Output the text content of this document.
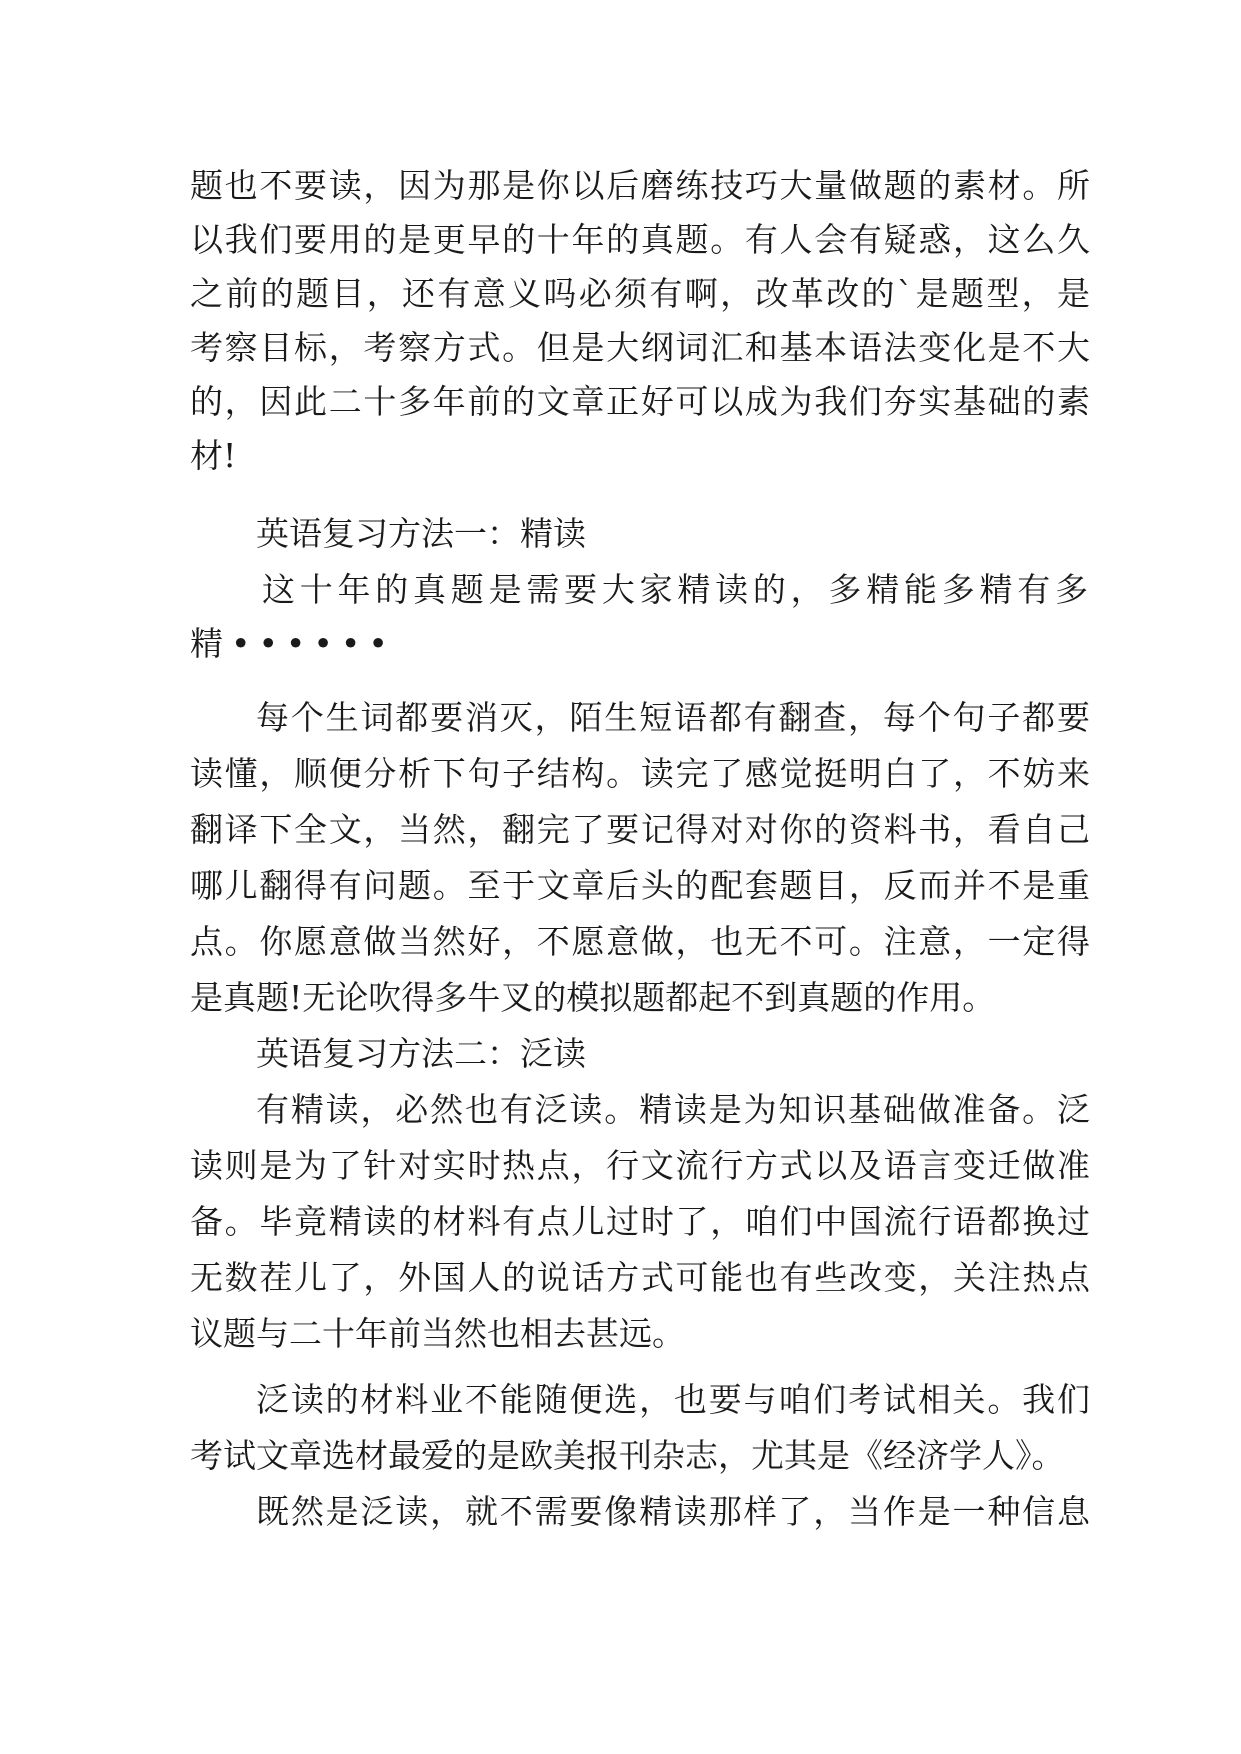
题也不要读，因为那是你以后磨练技巧大量做题的素材。所

以我们要用的是更早的十年的真题。有人会有疑惑，这么久

之前的题目，还有意义吗必须有啊，改革改的`是题型，是

考察目标，考察方式。但是大纲词汇和基本语法变化是不大

的，因此二十多年前的文章正好可以成为我们夯实基础的素

材!

英语复习方法一：精读

这十年的真题是需要大家精读的，多精能多精有多

精••••••

每个生词都要消灭，陌生短语都有翻查，每个句子都要

读懂，顺便分析下句子结构。读完了感觉挺明白了，不妨来

翻译下全文，当然，翻完了要记得对对你的资料书，看自己

哪儿翻得有问题。至于文章后头的配套题目，反而并不是重

点。你愿意做当然好，不愿意做，也无不可。注意，一定得

是真题!无论吹得多牛叉的模拟题都起不到真题的作用。

英语复习方法二：泛读

有精读，必然也有泛读。精读是为知识基础做准备。泛

读则是为了针对实时热点，行文流行方式以及语言变迁做准

备。毕竟精读的材料有点儿过时了，咱们中国流行语都换过

无数茬儿了，外国人的说话方式可能也有些改变，关注热点

议题与二十年前当然也相去甚远。

泛读的材料业不能随便选，也要与咱们考试相关。我们

考试文章选材最爱的是欧美报刊杂志，尤其是《经济学人》。

既然是泛读，就不需要像精读那样了，当作是一种信息
